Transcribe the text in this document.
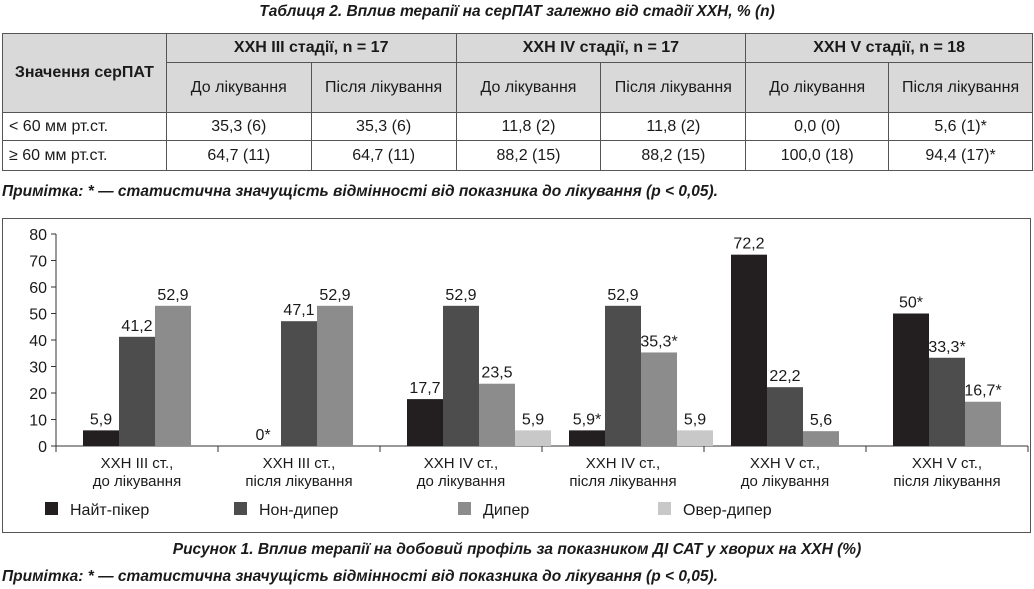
Таблиця 2. Вплив терапії на серПАТ залежно від стадії ХХН, % (n)
Значення серПАТ	ХХН III стадії, n = 17		ХХН IV стадії, n = 17		ХХН V стадії, n = 18	
	До лікування	Після лікування	До лікування	Після лікування	До лікування	Після лікування
< 60 мм рт.ст.	35,3 (6)	35,3 (6)	11,8 (2)	11,8 (2)	0,0 (0)	5,6 (1)*
≥ 60 мм рт.ст.	64,7 (11)	64,7 (11)	88,2 (15)	88,2 (15)	100,0 (18)	94,4 (17)*
Примітка: * — статистична значущість відмінності від показника до лікування (p < 0,05).
0
10
20
30
40
50
60
70
80
5,9
41,2
52,9
ХХН III ст.,
до лікування
0*
47,1
52,9
ХХН III ст.,
після лікування
17,7
52,9
23,5
5,9
ХХН IV ст.,
до лікування
5,9*
52,9
35,3*
5,9
ХХН IV ст.,
після лікування
72,2
22,2
5,6
ХХН V ст.,
до лікування
50*
33,3*
16,7*
ХХН V ст.,
після лікування
Найт-пікер	Нон-дипер	Дипер	Овер-дипер
Рисунок 1. Вплив терапії на добовий профіль за показником ДІ САТ у хворих на ХХН (%)
Примітка: * — статистична значущість відмінності від показника до лікування (p < 0,05).
